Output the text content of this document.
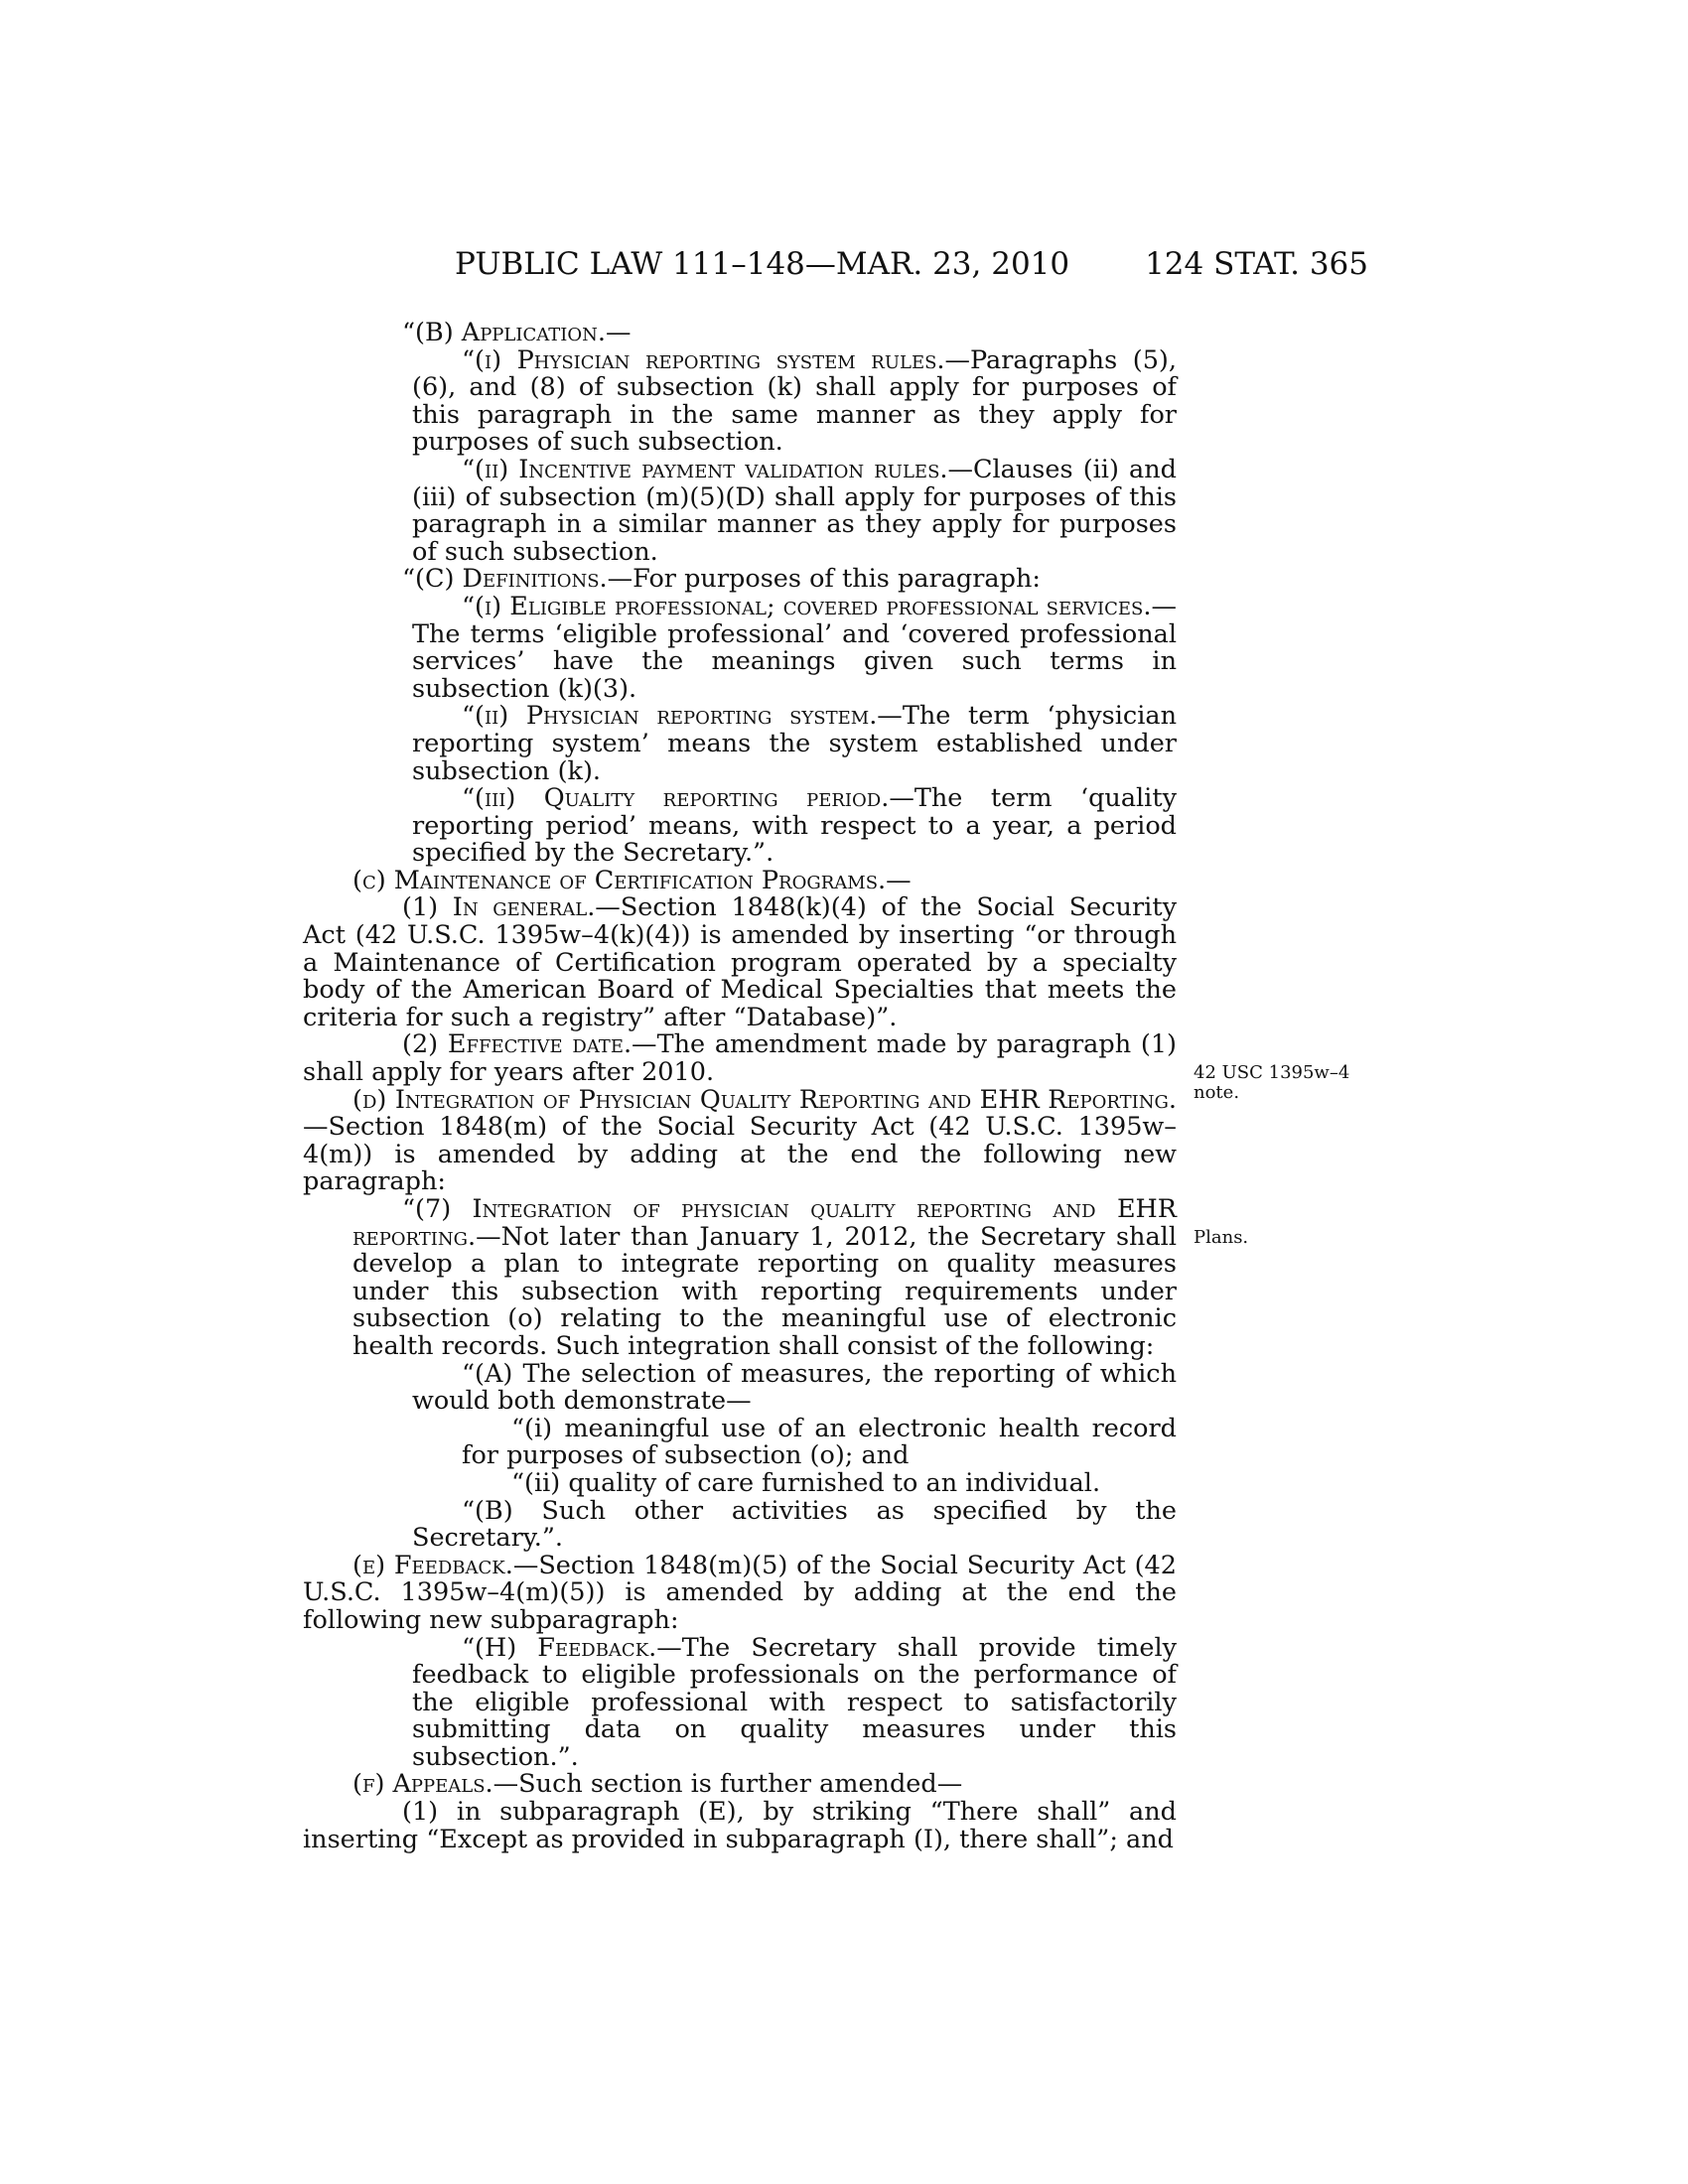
PUBLIC LAW 111–148—MAR. 23, 2010 124 STAT. 365

“(B) Application.—

“(i) Physician reporting system rules.—Paragraphs (5), (6), and (8) of subsection (k) shall apply for purposes of this paragraph in the same manner as they apply for purposes of such subsection.

“(ii) Incentive payment validation rules.—Clauses (ii) and (iii) of subsection (m)(5)(D) shall apply for purposes of this paragraph in a similar manner as they apply for purposes of such subsection.

“(C) Definitions.—For purposes of this paragraph:

“(i) Eligible professional; covered professional services.—The terms ‘eligible professional’ and ‘covered professional services’ have the meanings given such terms in subsection (k)(3).

“(ii) Physician reporting system.—The term ‘physician reporting system’ means the system established under subsection (k).

“(iii) Quality reporting period.—The term ‘quality reporting period’ means, with respect to a year, a period specified by the Secretary.”.

(c) Maintenance of Certification Programs.—

(1) In general.—Section 1848(k)(4) of the Social Security Act (42 U.S.C. 1395w–4(k)(4)) is amended by inserting “or through a Maintenance of Certification program operated by a specialty body of the American Board of Medical Specialties that meets the criteria for such a registry” after “Database)”.

(2) Effective date.—The amendment made by paragraph (1) shall apply for years after 2010.

(d) Integration of Physician Quality Reporting and EHR Reporting.—Section 1848(m) of the Social Security Act (42 U.S.C. 1395w–4(m)) is amended by adding at the end the following new paragraph:

“(7) Integration of physician quality reporting and EHR reporting.—Not later than January 1, 2012, the Secretary shall develop a plan to integrate reporting on quality measures under this subsection with reporting requirements under subsection (o) relating to the meaningful use of electronic health records. Such integration shall consist of the following:

“(A) The selection of measures, the reporting of which would both demonstrate—

“(i) meaningful use of an electronic health record for purposes of subsection (o); and

“(ii) quality of care furnished to an individual.

“(B) Such other activities as specified by the Secretary.”.

(e) Feedback.—Section 1848(m)(5) of the Social Security Act (42 U.S.C. 1395w–4(m)(5)) is amended by adding at the end the following new subparagraph:

“(H) Feedback.—The Secretary shall provide timely feedback to eligible professionals on the performance of the eligible professional with respect to satisfactorily submitting data on quality measures under this subsection.”.

(f) Appeals.—Such section is further amended—

(1) in subparagraph (E), by striking “There shall” and inserting “Except as provided in subparagraph (I), there shall”; and

42 USC 1395w–4 note.
Plans.
